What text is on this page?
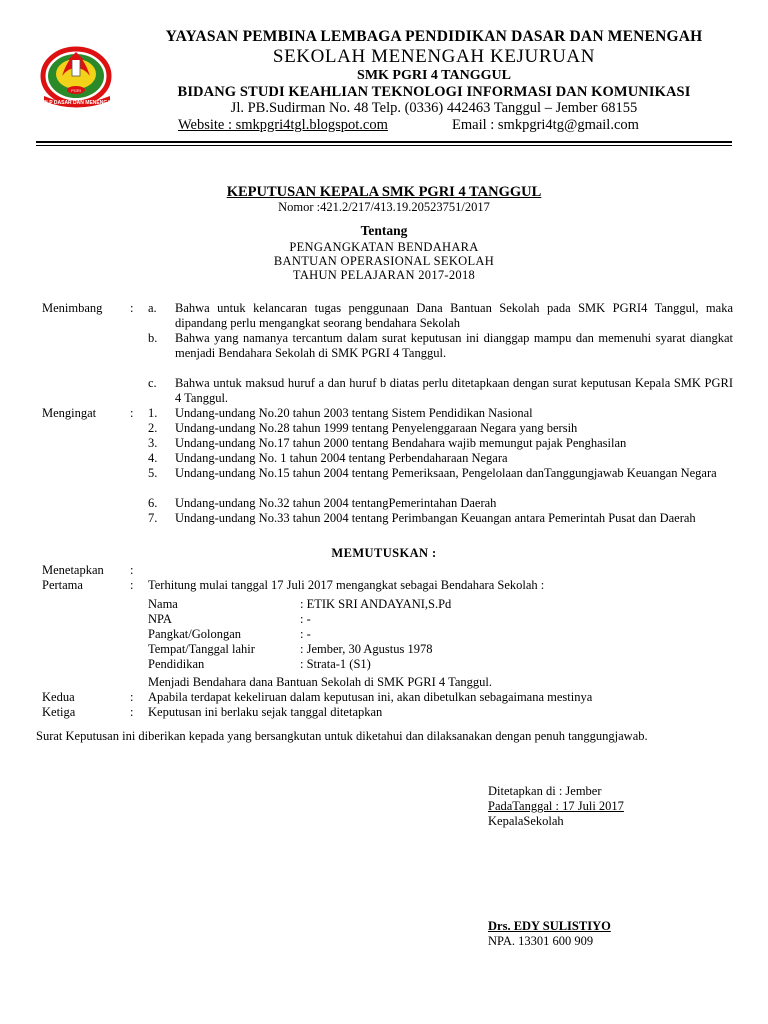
PGRI
YPLP DASAR DAN MENENGAH
YAYASAN PEMBINA LEMBAGA PENDIDIKAN DASAR DAN MENENGAH
SEKOLAH MENENGAH KEJURUAN
SMK PGRI 4 TANGGUL
BIDANG STUDI KEAHLIAN TEKNOLOGI INFORMASI DAN KOMUNIKASI
Jl. PB.Sudirman No. 48 Telp. (0336) 442463 Tanggul – Jember 68155
Website : smkpgri4tgl.blogspot.com	Email : smkpgri4tg@gmail.com
KEPUTUSAN KEPALA SMK PGRI 4 TANGGUL
Nomor :421.2/217/413.19.20523751/2017
Tentang
PENGANGKATAN BENDAHARA
BANTUAN OPERASIONAL SEKOLAH
TAHUN PELAJARAN 2017-2018
Menimbang : a. Bahwa untuk kelancaran tugas penggunaan Dana Bantuan Sekolah pada SMK PGRI4 Tanggul, maka dipandang perlu mengangkat seorang bendahara Sekolah
b. Bahwa yang namanya tercantum dalam surat keputusan ini dianggap mampu dan memenuhi syarat diangkat menjadi Bendahara Sekolah di SMK PGRI 4 Tanggul.
c. Bahwa untuk maksud huruf a dan huruf b diatas perlu ditetapkaan dengan surat keputusan Kepala SMK PGRI 4 Tanggul.
Mengingat	: 1. Undang-undang No.20 tahun 2003 tentang Sistem Pendidikan Nasional
2. Undang-undang No.28 tahun 1999 tentang Penyelenggaraan Negara yang bersih
3. Undang-undang No.17 tahun 2000 tentang Bendahara wajib memungut pajak Penghasilan
4. Undang-undang No. 1 tahun 2004 tentang Perbendaharaan Negara
5. Undang-undang No.15 tahun 2004 tentang Pemeriksaan, Pengelolaan danTanggungjawab Keuangan Negara
6. Undang-undang No.32 tahun 2004 tentangPemerintahan Daerah
7. Undang-undang No.33 tahun 2004 tentang Perimbangan Keuangan antara Pemerintah Pusat dan Daerah
MEMUTUSKAN :
Menetapkan :
Pertama	: Terhitung mulai tanggal 17 Juli 2017 mengangkat sebagai Bendahara Sekolah :
Nama	: ETIK SRI ANDAYANI,S.Pd
NPA	: -
Pangkat/Golongan	: -
Tempat/Tanggal lahir	: Jember, 30 Agustus 1978
Pendidikan	: Strata-1 (S1)
Menjadi Bendahara dana Bantuan Sekolah di SMK PGRI 4 Tanggul.
Kedua	: Apabila terdapat kekeliruan dalam keputusan ini, akan dibetulkan sebagaimana mestinya
Ketiga	: Keputusan ini berlaku sejak tanggal ditetapkan
Surat Keputusan ini diberikan kepada yang bersangkutan untuk diketahui dan dilaksanakan dengan penuh tanggungjawab.
Ditetapkan di : Jember
PadaTanggal : 17 Juli 2017
KepalaSekolah
Drs. EDY SULISTIYO
NPA. 13301 600 909
